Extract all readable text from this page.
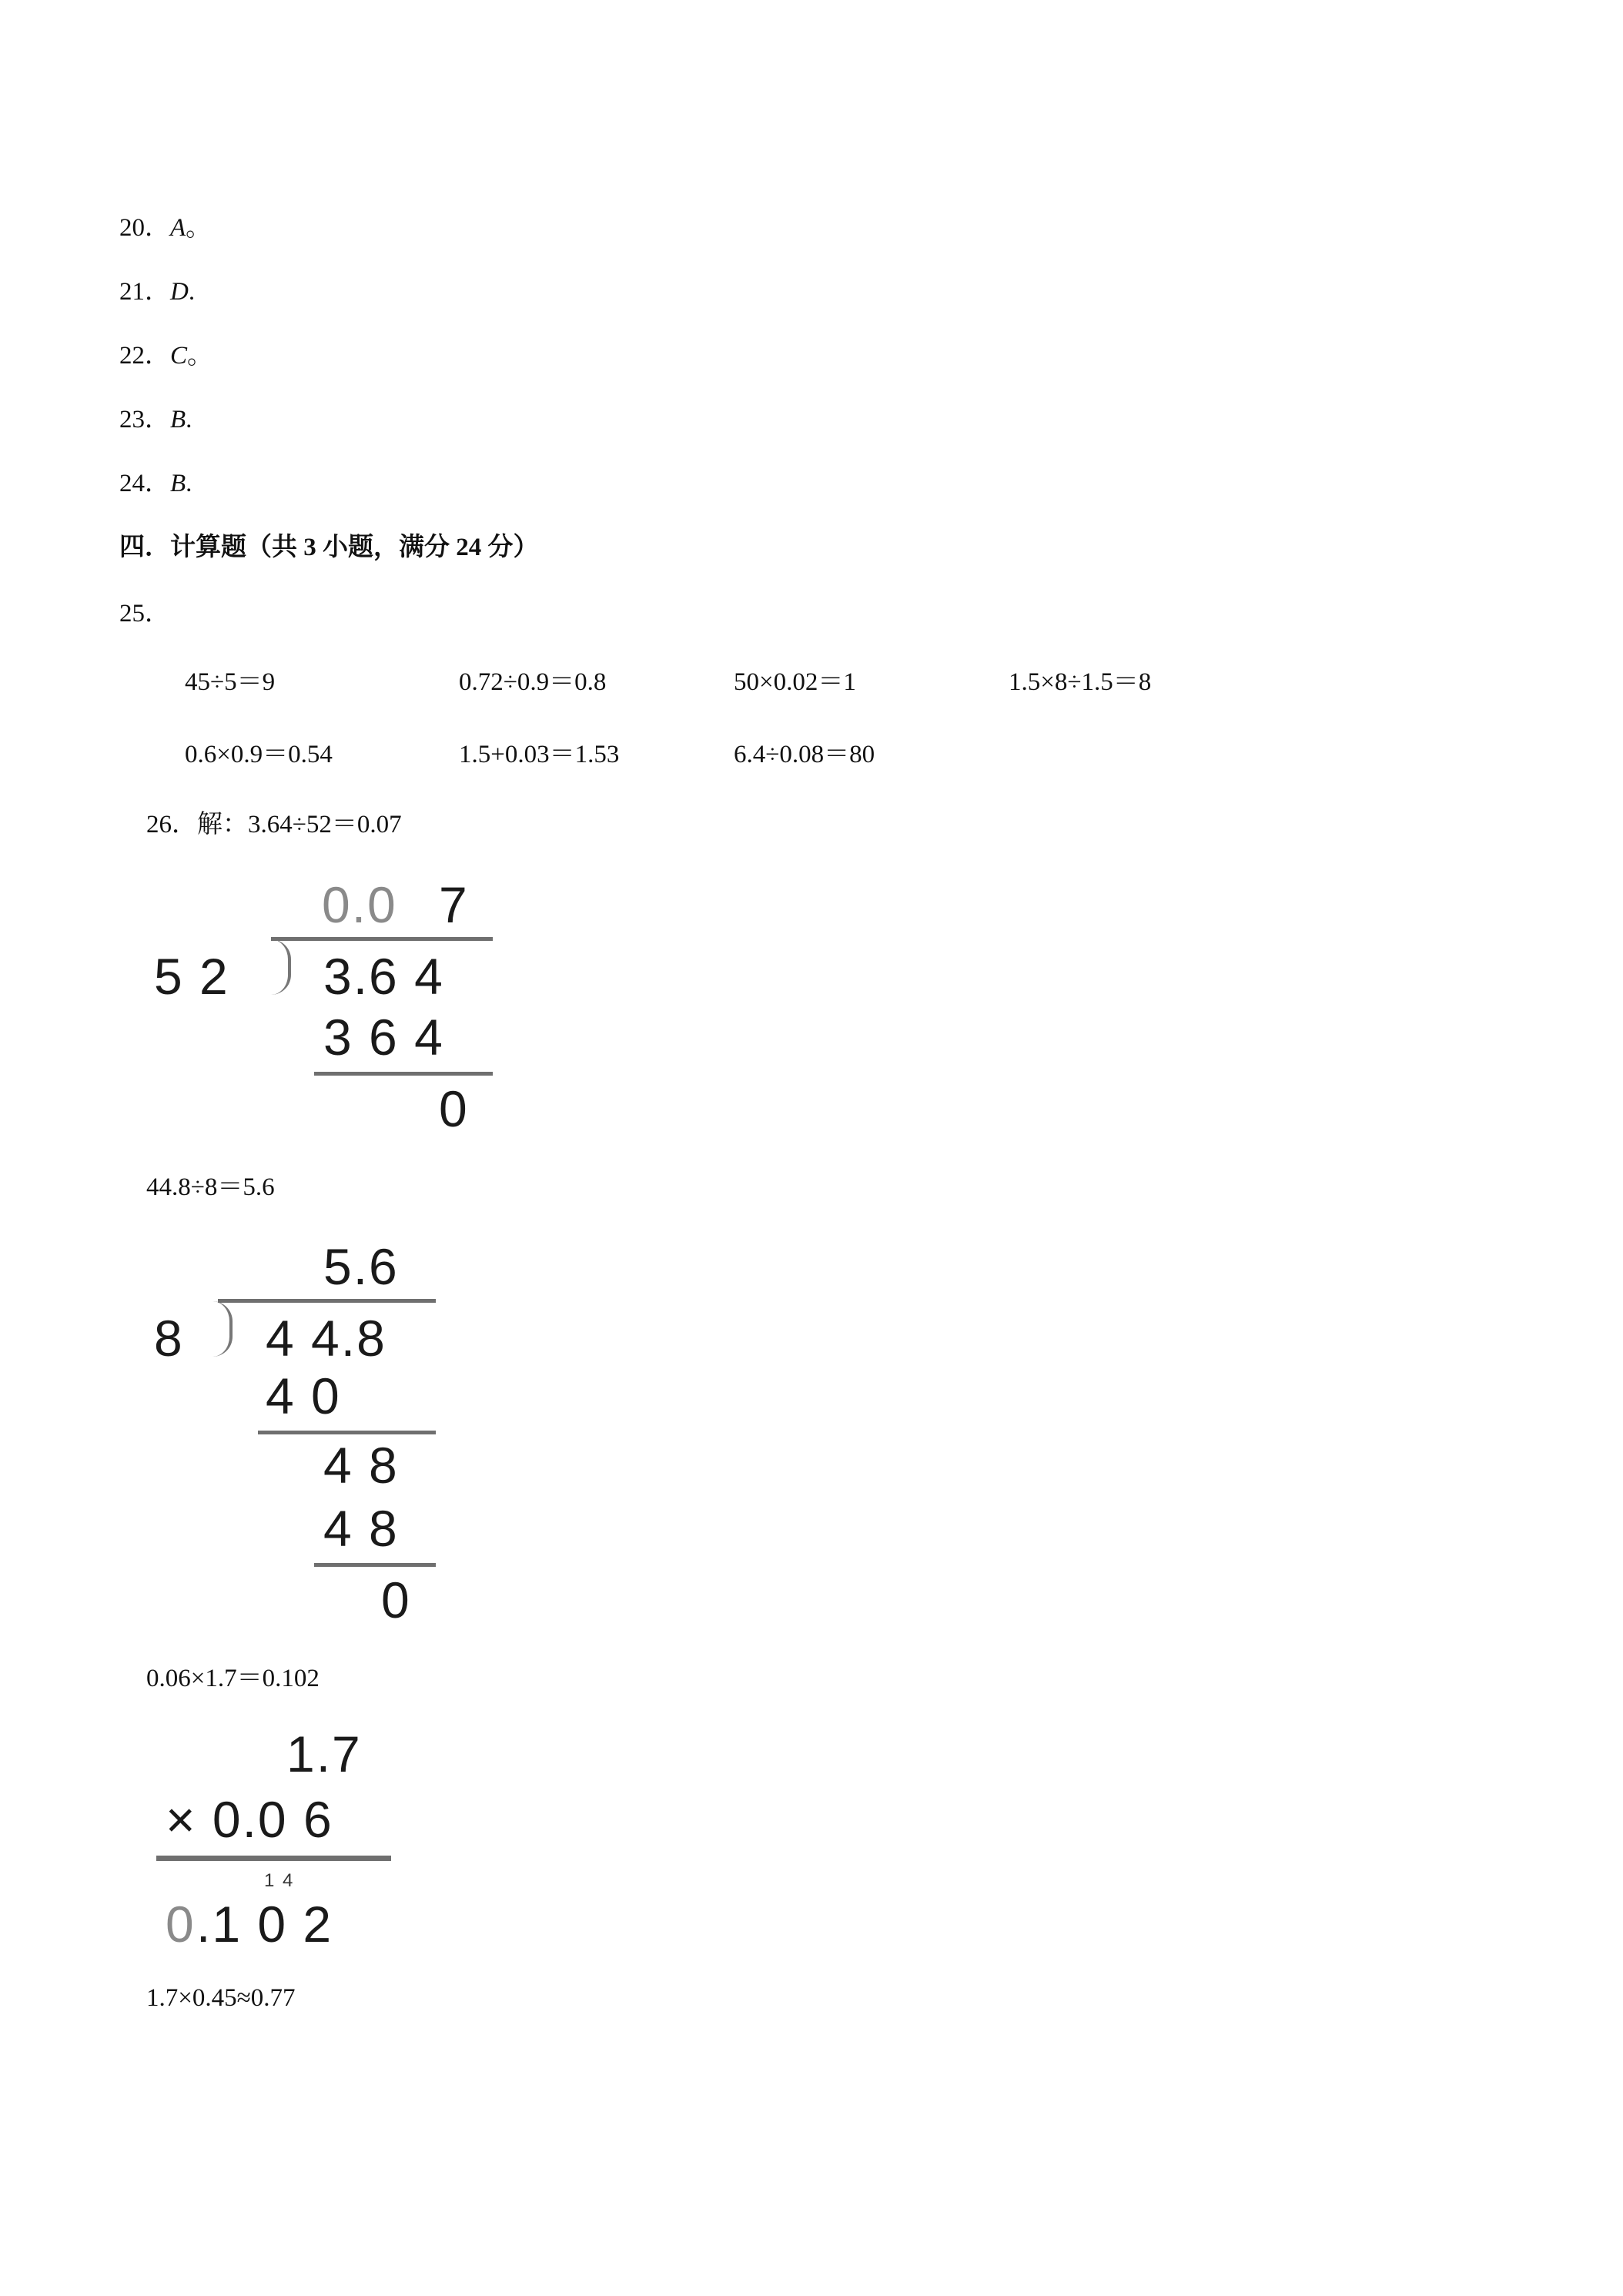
20．A。
21．D.
22．C。
23．B.
24．B.
四．计算题（共 3 小题，满分 24 分）
25．
45÷5＝9	0.72÷0.9＝0.8	50×0.02＝1	1.5×8÷1.5＝8
0.6×0.9＝0.54	1.5+0.03＝1.53	6.4÷0.08＝80
26．解：3.64÷52＝0.07
0.0 7
5 2 3.6 4
3 6 4
0
44.8÷8＝5.6
5.6
8 4 4.8
4 0
4 8
4 8
0
0.06×1.7＝0.102
1.7
× 0.0 6
1 4
0 .1 0 2
1.7×0.45≈0.77
